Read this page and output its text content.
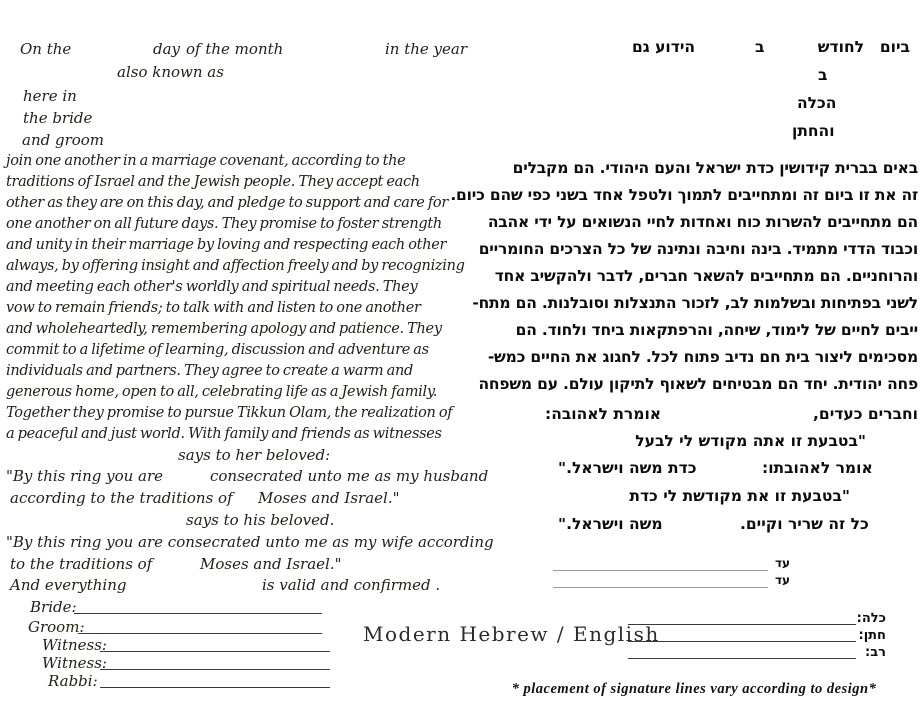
On the	day of the month	in the year
also known as
here in
the bride
and groom
join one another in a marriage covenant, according to the
traditions of Israel and the Jewish people. They accept each
other as they are on this day, and pledge to support and care for
one another on all future days. They promise to foster strength
and unity in their marriage by loving and respecting each other
always, by offering insight and affection freely and by recognizing
and meeting each other's worldly and spiritual needs. They
vow to remain friends; to talk with and listen to one another
and wholeheartedly, remembering apology and patience. They
commit to a lifetime of learning, discussion and adventure as
individuals and partners. They agree to create a warm and
generous home, open to all, celebrating life as a Jewish family.
Together they promise to pursue Tikkun Olam, the realization of
a peaceful and just world. With family and friends as witnesses
says to her beloved:
"By this ring you are	consecrated unto me as my husband
according to the traditions of Moses and Israel."
says to his beloved.
"By this ring you are consecrated unto me as my wife according
to the traditions of	Moses and Israel."
And everything	is valid and confirmed .
Bride:
Groom:
Witness:
Witness:
Rabbi:
ביום
לחודש
ב
הידוע גם
ב
הכלה
והחתן
באים בברית קידושין כדת ישראל והעם היהודי. הם מקבלים
זה את זו ביום זה ומתחייבים לתמוך ולטפל אחד בשני כפי שהם כיום.
הם מתחייבים להשרות כוח ואחדות לחיי הנשואים על ידי אהבה
וכבוד הדדי מתמיד. בינה וחיבה ונתינה של כל הצרכים החומריים
והרוחניים. הם מתחייבים להשאר חברים, לדבר ולהקשיב אחד
לשני בפתיחות ובשלמות לב, לזכור התנצלות וסובלנות. הם מתח-
ייבים לחיים של לימוד, שיחה, והרפתקאות ביחד ולחוד. הם
מסכימים ליצור בית חם נדיב פתוח לכל. לחגוג את החיים כמש-
פחה יהודית. יחד הם מבטיחים לשאוף לתיקון עולם. עם משפחה
וחברים כעדים,
אומרת לאהובה:
"בטבעת זו אתה מקודש לי לבעל
כדת משה וישראל."	אומר לאהובתו:
"בטבעת זו את מקודשת לי כדת
משה וישראל."	כל זה שריר וקיים.
עד
עד
כלה:
חתן:
רב:
Modern Hebrew / English
* placement of signature lines vary according to design*
